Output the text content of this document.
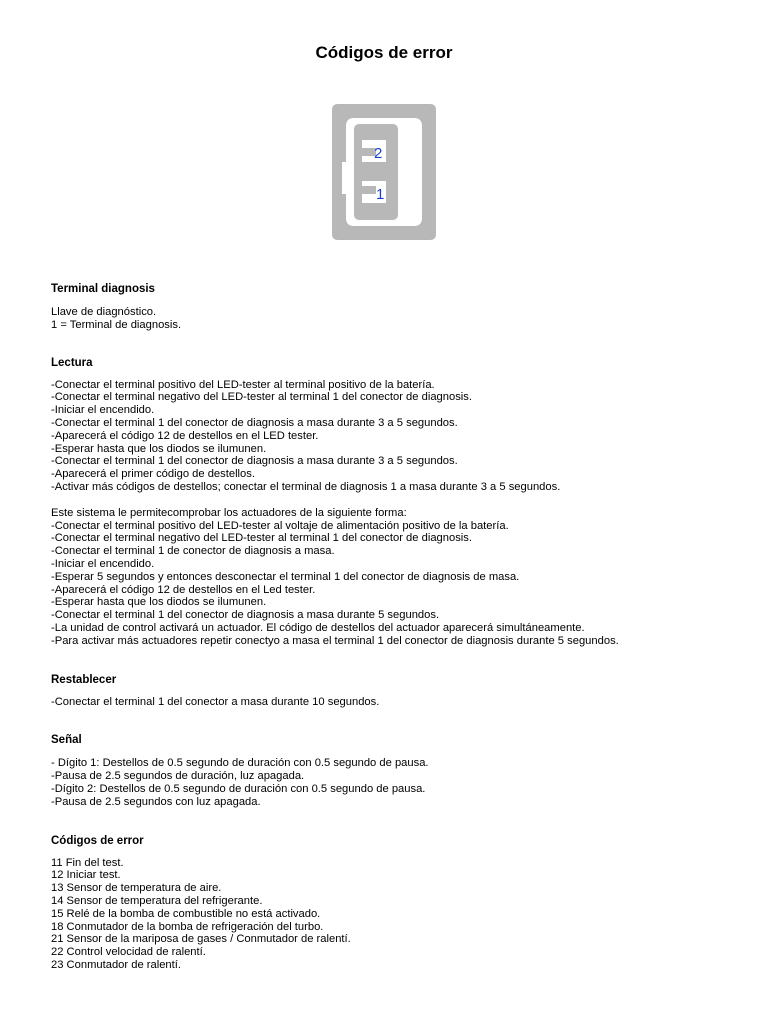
Códigos de error
2
1

Terminal diagnosis

Llave de diagnóstico.
1 = Terminal de diagnosis.

Lectura

-Conectar el terminal positivo del LED-tester al terminal positivo de la batería.
-Conectar el terminal negativo del LED-tester al terminal 1 del conector de diagnosis.
-Iniciar el encendido.
-Conectar el terminal 1 del conector de diagnosis a masa durante 3 a 5 segundos.
-Aparecerá el código 12 de destellos en el LED tester.
-Esperar hasta que los diodos se ilumunen.
-Conectar el terminal 1 del conector de diagnosis a masa durante 3 a 5 segundos.
-Aparecerá el primer código de destellos.
-Activar más códigos de destellos; conectar el terminal de diagnosis 1 a masa durante 3 a 5 segundos.
Este sistema le permitecomprobar los actuadores de la siguiente forma:
-Conectar el terminal positivo del LED-tester al voltaje de alimentación positivo de la batería.
-Conectar el terminal negativo del LED-tester al terminal 1 del conector de diagnosis.
-Conectar el terminal 1 de conector de diagnosis a masa.
-Iniciar el encendido.
-Esperar 5 segundos y entonces desconectar el terminal 1 del conector de diagnosis de masa.
-Aparecerá el código 12 de destellos en el Led tester.
-Esperar hasta que los diodos se ilumunen.
-Conectar el terminal 1 del conector de diagnosis a masa durante 5 segundos.
-La unidad de control activará un actuador. El código de destellos del actuador aparecerá simultáneamente.
-Para activar más actuadores repetir conectyo a masa el terminal 1 del conector de diagnosis durante 5 segundos.

Restablecer

-Conectar el terminal 1 del conector a masa durante 10 segundos.

Señal

- Dígito 1: Destellos de 0.5 segundo de duración con 0.5 segundo de pausa.
-Pausa de 2.5 segundos de duración, luz apagada.
-Dígito 2: Destellos de 0.5 segundo de duración con 0.5 segundo de pausa.
-Pausa de 2.5 segundos con luz apagada.

Códigos de error

11 Fin del test.
12 Iniciar test.
13 Sensor de temperatura de aire.
14 Sensor de temperatura del refrigerante.
15 Relé de la bomba de combustible no está activado.
18 Conmutador de la bomba de refrigeración del turbo.
21 Sensor de la mariposa de gases / Conmutador de ralentí.
22 Control velocidad de ralentí.
23 Conmutador de ralentí.
